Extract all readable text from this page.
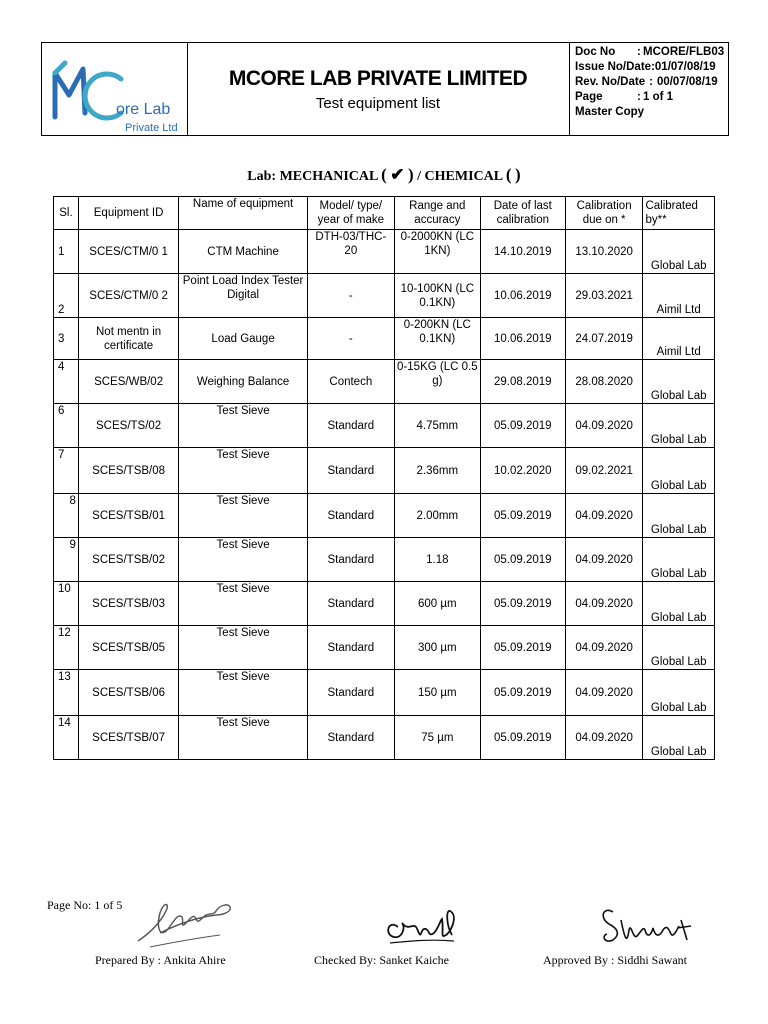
ore Lab
Private Ltd
MCORE LAB PRIVATE LIMITED
Test equipment list
Doc No	: MCORE/FLB03
Issue No/Date : 01/07/08/19
Rev. No/Date : 00/07/08/19
Page	: 1 of 1
Master Copy
Lab: MECHANICAL ( ✔ ) / CHEMICAL ( )
Sl.	Equipment ID	Name of equipment	Model/ type/ year of make	Range and accuracy	Date of last calibration	Calibration due on *	Calibrated by**
1	SCES/CTM/0 1	CTM Machine	DTH-03/THC-20	0-2000KN (LC 1KN)	14.10.2019	13.10.2020	Global Lab
2	SCES/CTM/0 2	Point Load Index Tester Digital	-	10-100KN (LC 0.1KN)	10.06.2019	29.03.2021	Aimil Ltd
3	Not mentn in certificate	Load Gauge	-	0-200KN (LC 0.1KN)	10.06.2019	24.07.2019	Aimil Ltd
4	SCES/WB/02	Weighing Balance	Contech	0-15KG (LC 0.5 g)	29.08.2019	28.08.2020	Global Lab
6	SCES/TS/02	Test Sieve	Standard	4.75mm	05.09.2019	04.09.2020	Global Lab
7	SCES/TSB/08	Test Sieve	Standard	2.36mm	10.02.2020	09.02.2021	Global Lab
8	SCES/TSB/01	Test Sieve	Standard	2.00mm	05.09.2019	04.09.2020	Global Lab
9	SCES/TSB/02	Test Sieve	Standard	1.18	05.09.2019	04.09.2020	Global Lab
10	SCES/TSB/03	Test Sieve	Standard	600 µm	05.09.2019	04.09.2020	Global Lab
12	SCES/TSB/05	Test Sieve	Standard	300 µm	05.09.2019	04.09.2020	Global Lab
13	SCES/TSB/06	Test Sieve	Standard	150 µm	05.09.2019	04.09.2020	Global Lab
14	SCES/TSB/07	Test Sieve	Standard	75 µm	05.09.2019	04.09.2020	Global Lab
Page No: 1 of 5
Prepared By : Ankita Ahire	Checked By: Sanket Kaiche	Approved By : Siddhi Sawant
